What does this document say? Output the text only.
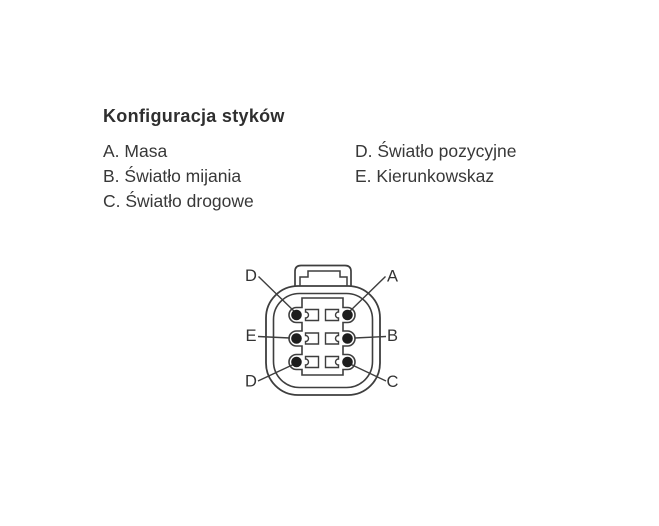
Konfiguracja styków
A. Masa
B. Światło mijania
C. Światło drogowe
D. Światło pozycyjne
E. Kierunkowskaz
D	A
E	B
D	C
